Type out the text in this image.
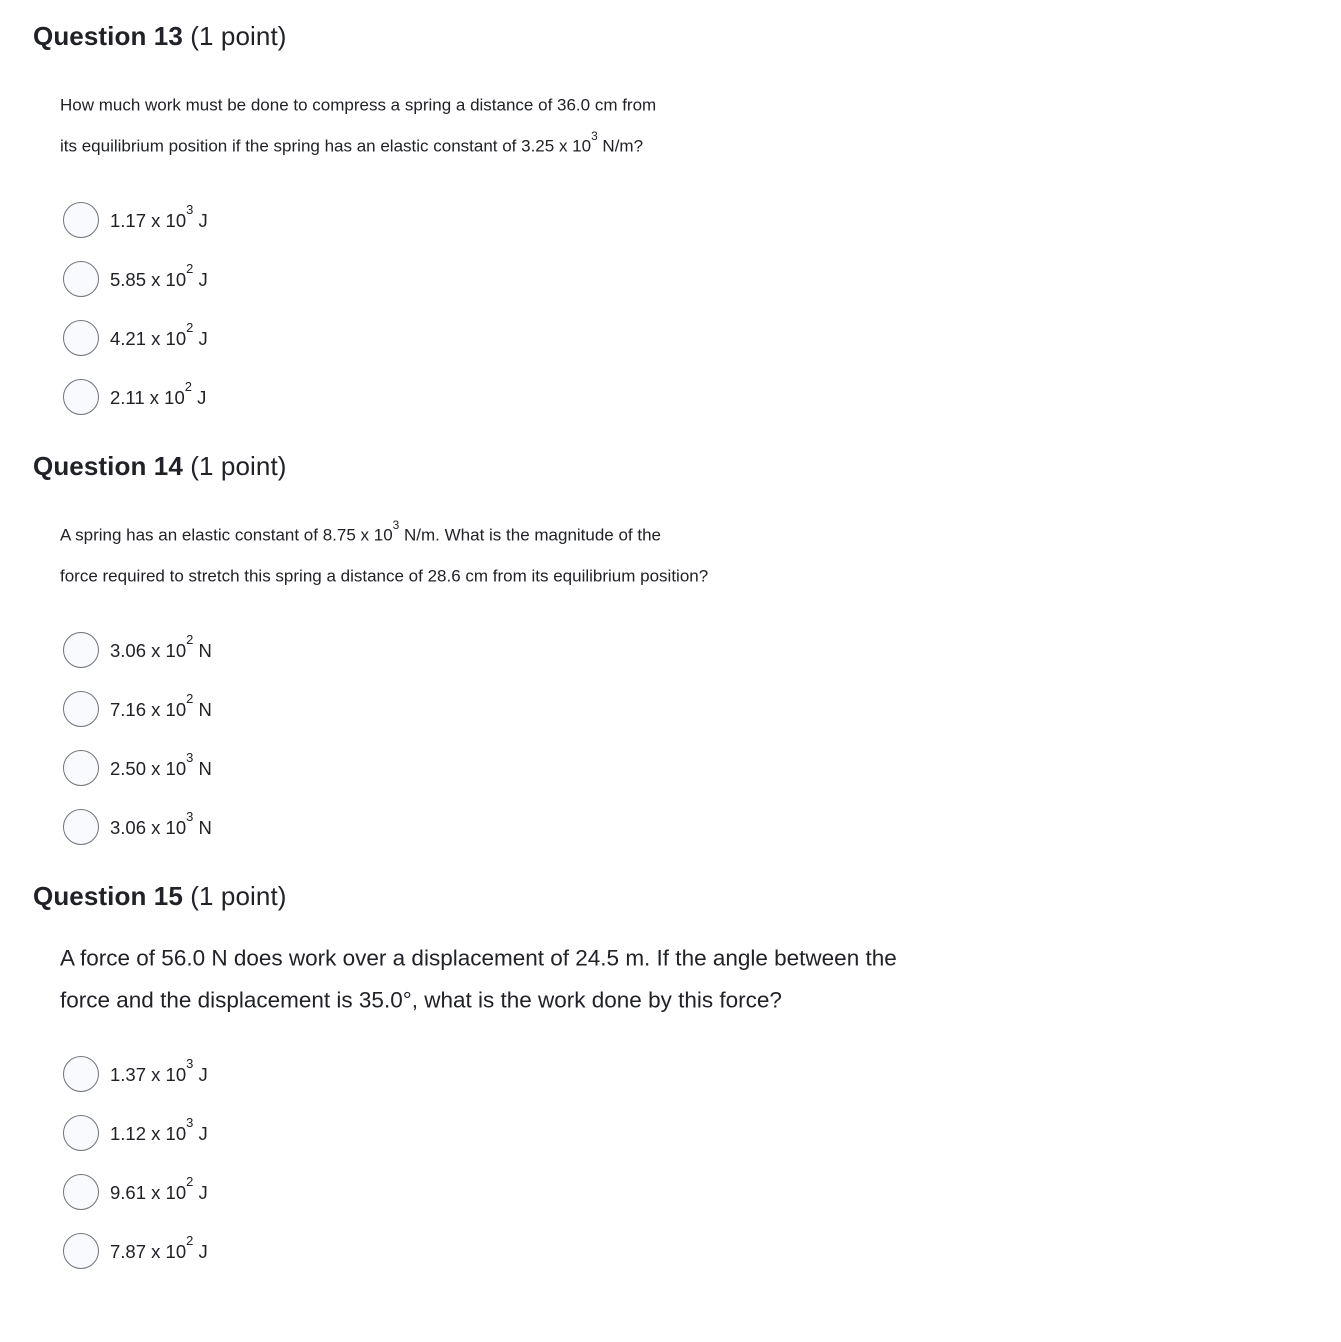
Question 13 (1 point)

How much work must be done to compress a spring a distance of 36.0 cm from

its equilibrium position if the spring has an elastic constant of 3.25 x $10^3$ N/m?

1.17 x $10^3$ J
5.85 x $10^2$ J
4.21 x $10^2$ J
2.11 x $10^2$ J
Question 14 (1 point)

A spring has an elastic constant of 8.75 x $10^3$ N/m. What is the magnitude of the

force required to stretch this spring a distance of 28.6 cm from its equilibrium position?

3.06 x $10^2$ N
7.16 x $10^2$ N
2.50 x $10^3$ N
3.06 x $10^3$ N
Question 15 (1 point)

A force of 56.0 N does work over a displacement of 24.5 m. If the angle between the

force and the displacement is 35.0°, what is the work done by this force?

1.37 x $10^3$ J
1.12 x $10^3$ J
9.61 x $10^2$ J
7.87 x $10^2$ J
